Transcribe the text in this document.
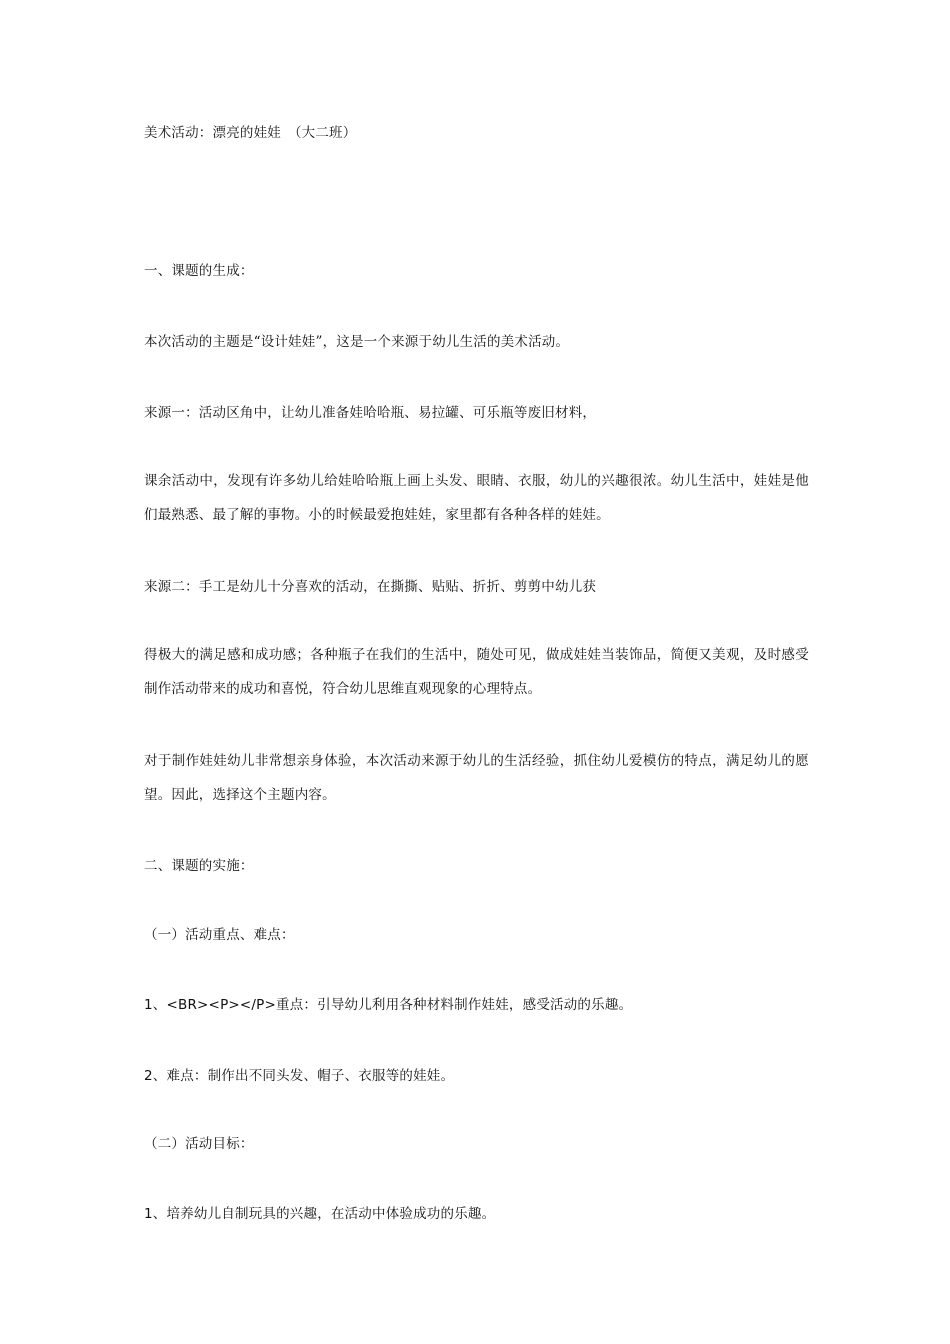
美术活动：漂亮的娃娃　（大二班）
一、课题的生成：
本次活动的主题是“设计娃娃”，这是一个来源于幼儿生活的美术活动。
来源一：活动区角中，让幼儿准备娃哈哈瓶、易拉罐、可乐瓶等废旧材料，
课余活动中，发现有许多幼儿给娃哈哈瓶上画上头发、眼睛、衣服，幼儿的兴趣很浓。幼儿生活中，娃娃是他们最熟悉、最了解的事物。小的时候最爱抱娃娃，家里都有各种各样的娃娃。
来源二：手工是幼儿十分喜欢的活动，在撕撕、贴贴、折折、剪剪中幼儿获
得极大的满足感和成功感；各种瓶子在我们的生活中，随处可见，做成娃娃当装饰品，简便又美观，及时感受制作活动带来的成功和喜悦，符合幼儿思维直观现象的心理特点。
对于制作娃娃幼儿非常想亲身体验，本次活动来源于幼儿的生活经验，抓住幼儿爱模仿的特点，满足幼儿的愿望。因此，选择这个主题内容。
二、课题的实施：
（一）活动重点、难点：
1、<BR><P></P>重点：引导幼儿利用各种材料制作娃娃，感受活动的乐趣。
2、难点：制作出不同头发、帽子、衣服等的娃娃。
（二）活动目标：
1、培养幼儿自制玩具的兴趣，在活动中体验成功的乐趣。
